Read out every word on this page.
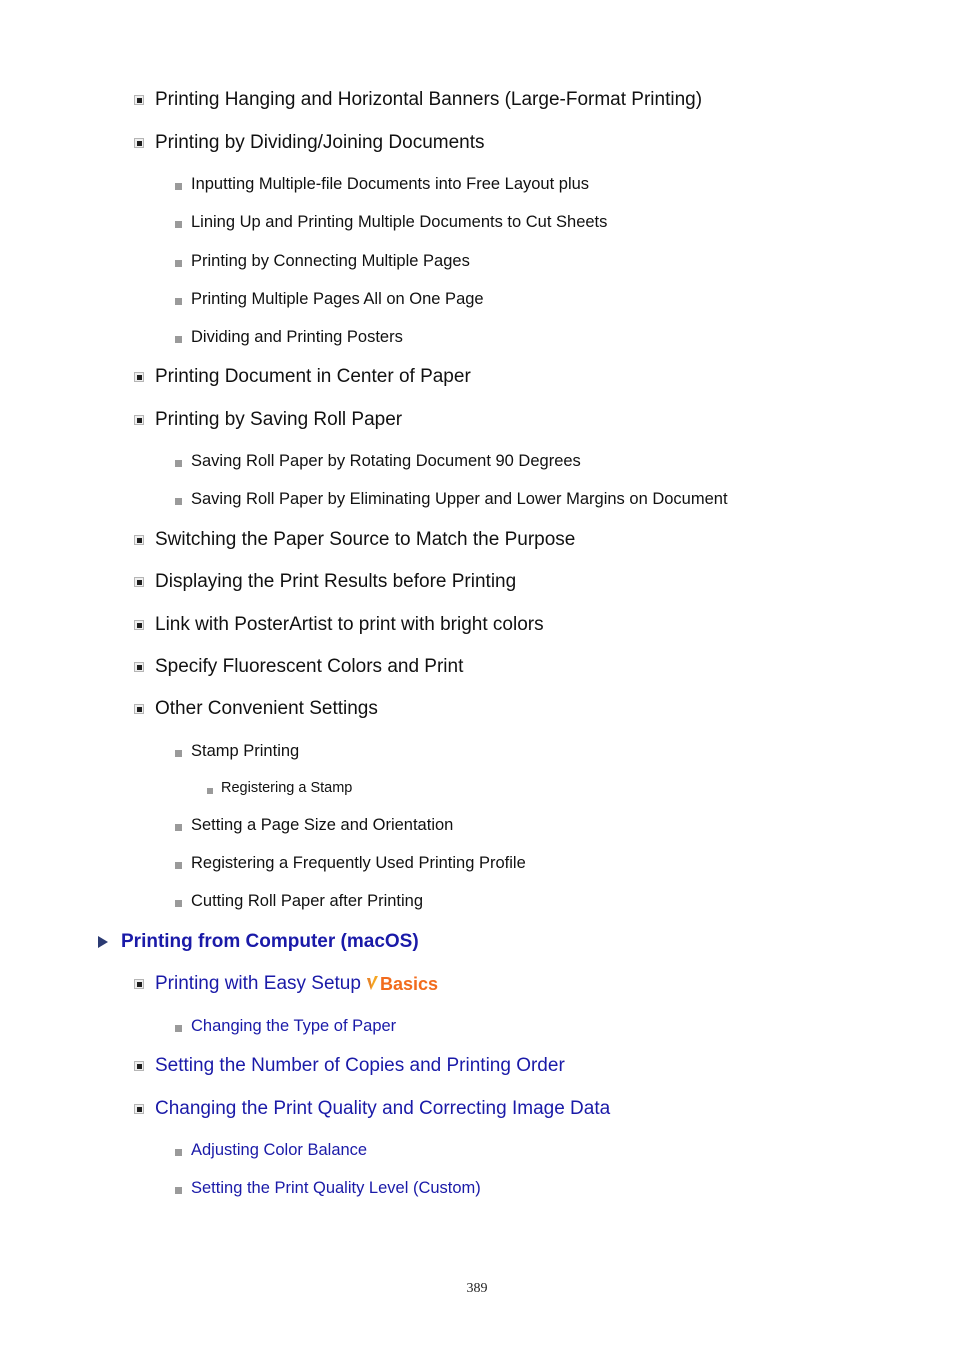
Printing Hanging and Horizontal Banners (Large-Format Printing)
Printing by Dividing/Joining Documents
Inputting Multiple-file Documents into Free Layout plus
Lining Up and Printing Multiple Documents to Cut Sheets
Printing by Connecting Multiple Pages
Printing Multiple Pages All on One Page
Dividing and Printing Posters
Printing Document in Center of Paper
Printing by Saving Roll Paper
Saving Roll Paper by Rotating Document 90 Degrees
Saving Roll Paper by Eliminating Upper and Lower Margins on Document
Switching the Paper Source to Match the Purpose
Displaying the Print Results before Printing
Link with PosterArtist to print with bright colors
Specify Fluorescent Colors and Print
Other Convenient Settings
Stamp Printing
Registering a Stamp
Setting a Page Size and Orientation
Registering a Frequently Used Printing Profile
Cutting Roll Paper after Printing
Printing from Computer (macOS)
Printing with Easy Setup Basics
Changing the Type of Paper
Setting the Number of Copies and Printing Order
Changing the Print Quality and Correcting Image Data
Adjusting Color Balance
Setting the Print Quality Level (Custom)
389
